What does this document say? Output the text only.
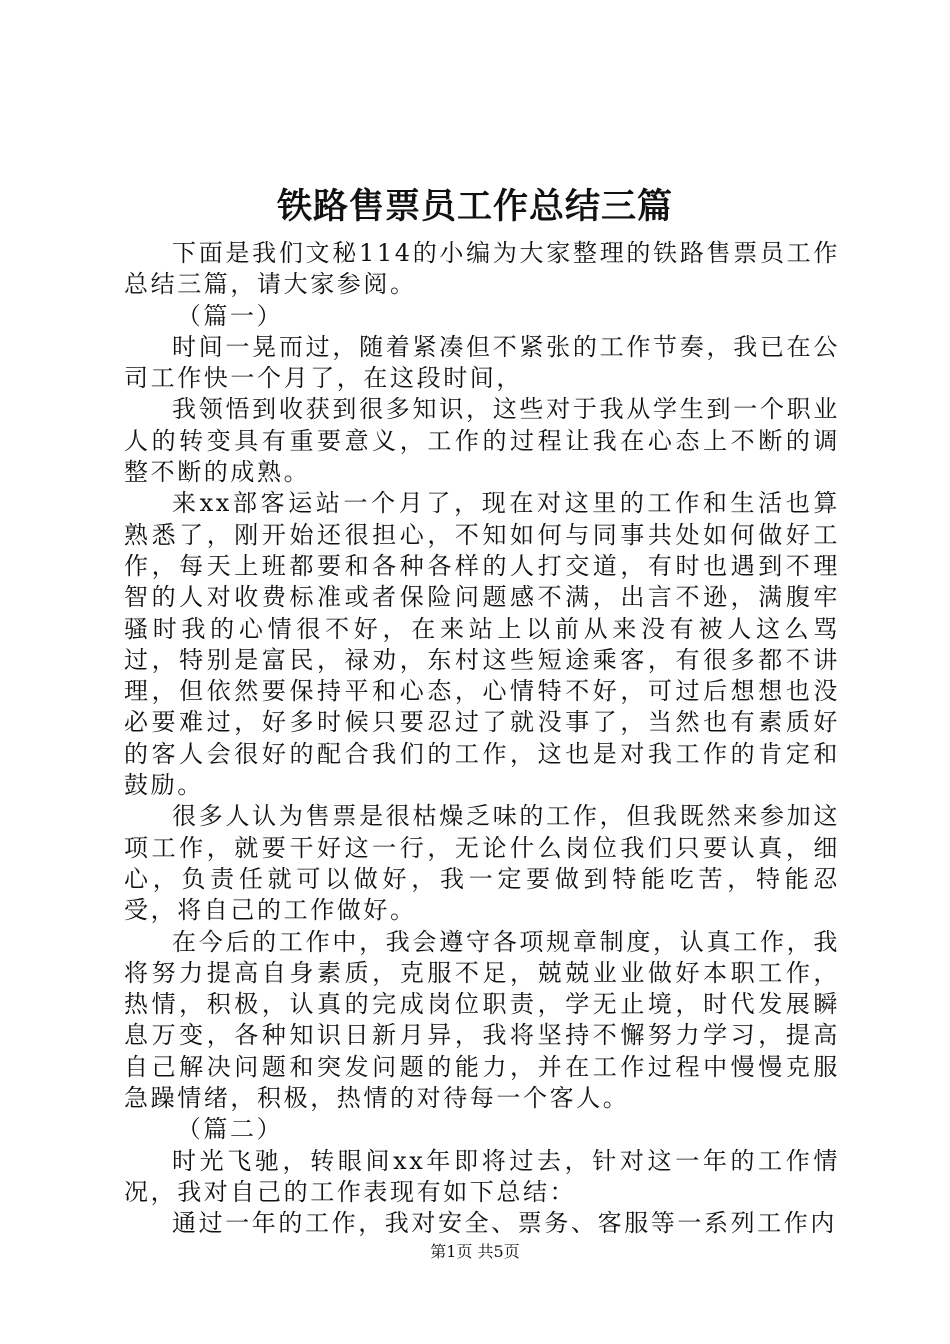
铁路售票员工作总结三篇

下面是我们文秘114的小编为大家整理的铁路售票员工作总结三篇，请大家参阅。

（篇一）

时间一晃而过，随着紧凑但不紧张的工作节奏，我已在公司工作快一个月了，在这段时间，

我领悟到收获到很多知识，这些对于我从学生到一个职业人的转变具有重要意义，工作的过程让我在心态上不断的调整不断的成熟。

来xx部客运站一个月了，现在对这里的工作和生活也算熟悉了，刚开始还很担心，不知如何与同事共处如何做好工作，每天上班都要和各种各样的人打交道，有时也遇到不理智的人对收费标准或者保险问题感不满，出言不逊，满腹牢骚时我的心情很不好，在来站上以前从来没有被人这么骂过，特别是富民，禄劝，东村这些短途乘客，有很多都不讲理，但依然要保持平和心态，心情特不好，可过后想想也没必要难过，好多时候只要忍过了就没事了，当然也有素质好的客人会很好的配合我们的工作，这也是对我工作的肯定和鼓励。

很多人认为售票是很枯燥乏味的工作，但我既然来参加这项工作，就要干好这一行，无论什么岗位我们只要认真，细心，负责任就可以做好，我一定要做到特能吃苦，特能忍受，将自己的工作做好。

在今后的工作中，我会遵守各项规章制度，认真工作，我将努力提高自身素质，克服不足，兢兢业业做好本职工作，热情，积极，认真的完成岗位职责，学无止境，时代发展瞬息万变，各种知识日新月异，我将坚持不懈努力学习，提高自己解决问题和突发问题的能力，并在工作过程中慢慢克服急躁情绪，积极，热情的对待每一个客人。

（篇二）

时光飞驰，转眼间xx年即将过去，针对这一年的工作情况，我对自己的工作表现有如下总结：

通过一年的工作，我对安全、票务、客服等一系列工作内

第1页 共5页
